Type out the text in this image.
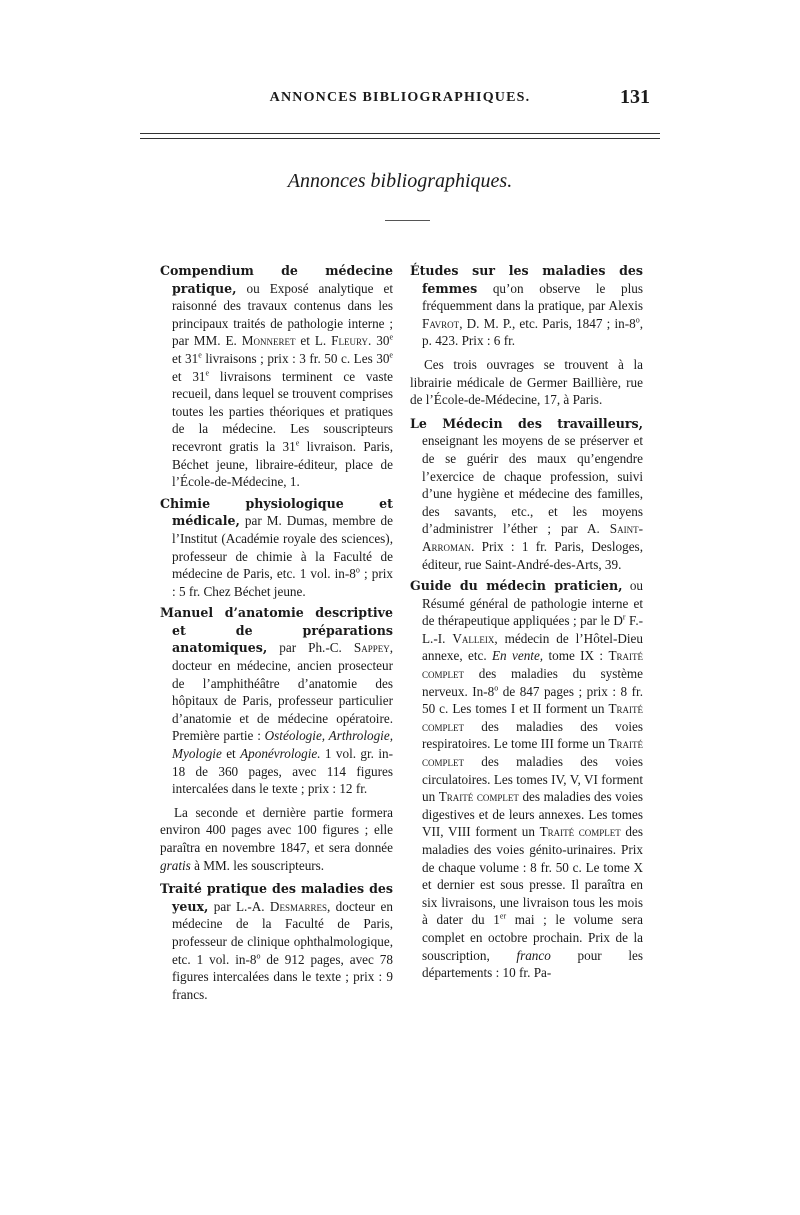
ANNONCES BIBLIOGRAPHIQUES.	131
Annonces bibliographiques.

Compendium de médecine pratique, ou Exposé analytique et raisonné des travaux contenus dans les principaux traités de pathologie interne ; par MM. E. Monneret et L. Fleury. 30e et 31e livraisons ; prix : 3 fr. 50 c. Les 30e et 31e livraisons terminent ce vaste recueil, dans lequel se trouvent comprises toutes les parties théoriques et pratiques de la médecine. Les souscripteurs recevront gratis la 31e livraison. Paris, Béchet jeune, libraire-éditeur, place de l’École-de-Médecine, 1.

Chimie physiologique et médicale, par M. Dumas, membre de l’Institut (Académie royale des sciences), professeur de chimie à la Faculté de médecine de Paris, etc. 1 vol. in-8$^o$ ; prix : 5 fr. Chez Béchet jeune.

Manuel d’anatomie descriptive et de préparations anatomiques, par Ph.-C. Sappey, docteur en médecine, ancien prosecteur de l’amphithéâtre d’anatomie des hôpitaux de Paris, professeur particulier d’anatomie et de médecine opératoire. Première partie : Ostéologie, Arthrologie, Myologie et Aponévrologie. 1 vol. gr. in-18 de 360 pages, avec 114 figures intercalées dans le texte ; prix : 12 fr.

La seconde et dernière partie formera environ 400 pages avec 100 figures ; elle paraîtra en novembre 1847, et sera donnée gratis à MM. les souscripteurs.

Traité pratique des maladies des yeux, par L.-A. Desmarres, docteur en médecine de la Faculté de Paris, professeur de clinique ophthalmologique, etc. 1 vol. in-8$^o$ de 912 pages, avec 78 figures intercalées dans le texte ; prix : 9 francs.

Études sur les maladies des femmes qu’on observe le plus fréquemment dans la pratique, par Alexis Favrot, D. M. P., etc. Paris, 1847 ; in-8$^o$, p. 423. Prix : 6 fr.

Ces trois ouvrages se trouvent à la librairie médicale de Germer Baillière, rue de l’École-de-Médecine, 17, à Paris.

Le Médecin des travailleurs, enseignant les moyens de se préserver et de se guérir des maux qu’engendre l’exercice de chaque profession, suivi d’une hygiène et médecine des familles, des savants, etc., et les moyens d’administrer l’éther ; par A. Saint-Arroman. Prix : 1 fr. Paris, Desloges, éditeur, rue Saint-André-des-Arts, 39.

Guide du médecin praticien, ou Résumé général de pathologie interne et de thérapeutique appliquées ; par le $D^r$ F.-L.-I. Valleix, médecin de l’Hôtel-Dieu annexe, etc. En vente, tome IX : Traité complet des maladies du système nerveux. In-8$^o$ de 847 pages ; prix : 8 fr. 50 c. Les tomes I et II forment un Traité complet des maladies des voies respiratoires. Le tome III forme un Traité complet des maladies des voies circulatoires. Les tomes IV, V, VI forment un Traité complet des maladies des voies digestives et de leurs annexes. Les tomes VII, VIII forment un Traité complet des maladies des voies génito-urinaires. Prix de chaque volume : 8 fr. 50 c. Le tome X et dernier est sous presse. Il paraîtra en six livraisons, une livraison tous les mois à dater du 1er mai ; le volume sera complet en octobre prochain. Prix de la souscription, franco pour les départements : 10 fr. Pa-
